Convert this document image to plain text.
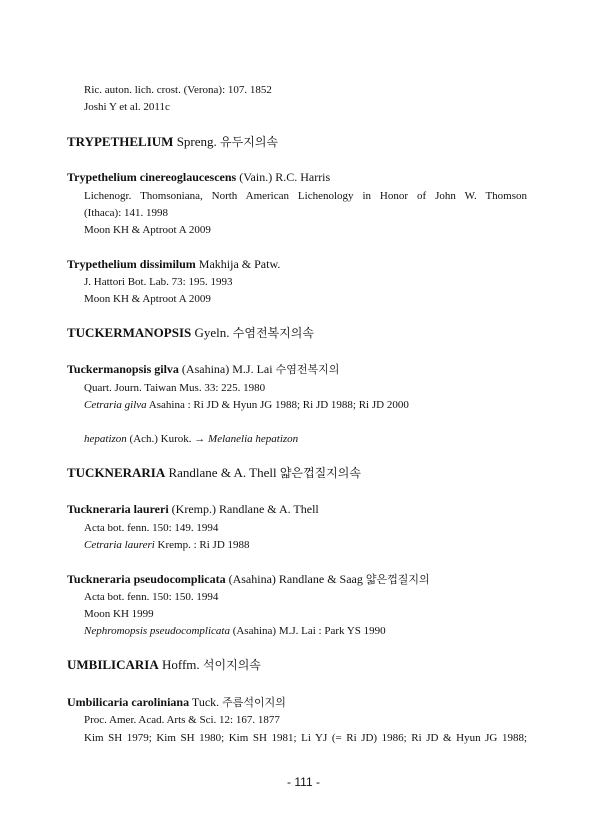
Ric. auton. lich. crost. (Verona): 107. 1852
Joshi Y et al. 2011c
TRYPETHELIUM Spreng. 유두지의속
Trypethelium cinereoglaucescens (Vain.) R.C. Harris
Lichenogr. Thomsoniana, North American Lichenology in Honor of John W. Thomson
(Ithaca): 141. 1998
Moon KH & Aptroot A 2009
Trypethelium dissimilum Makhija & Patw.
J. Hattori Bot. Lab. 73: 195. 1993
Moon KH & Aptroot A 2009
TUCKERMANOPSIS Gyeln. 수염전복지의속
Tuckermanopsis gilva (Asahina) M.J. Lai 수염전복지의
Quart. Journ. Taiwan Mus. 33: 225. 1980
Cetraria gilva Asahina : Ri JD & Hyun JG 1988; Ri JD 1988; Ri JD 2000
hepatizon (Ach.) Kurok. → Melanelia hepatizon
TUCKNERARIA Randlane & A. Thell 얇은껍질지의속
Tuckneraria laureri (Kremp.) Randlane & A. Thell
Acta bot. fenn. 150: 149. 1994
Cetraria laureri Kremp. : Ri JD 1988
Tuckneraria pseudocomplicata (Asahina) Randlane & Saag 얇은껍질지의
Acta bot. fenn. 150: 150. 1994
Moon KH 1999
Nephromopsis pseudocomplicata (Asahina) M.J. Lai : Park YS 1990
UMBILICARIA Hoffm. 석이지의속
Umbilicaria caroliniana Tuck. 주름석이지의
Proc. Amer. Acad. Arts & Sci. 12: 167. 1877
Kim SH 1979; Kim SH 1980; Kim SH 1981; Li YJ (= Ri JD) 1986; Ri JD & Hyun JG 1988;
- 111 -
